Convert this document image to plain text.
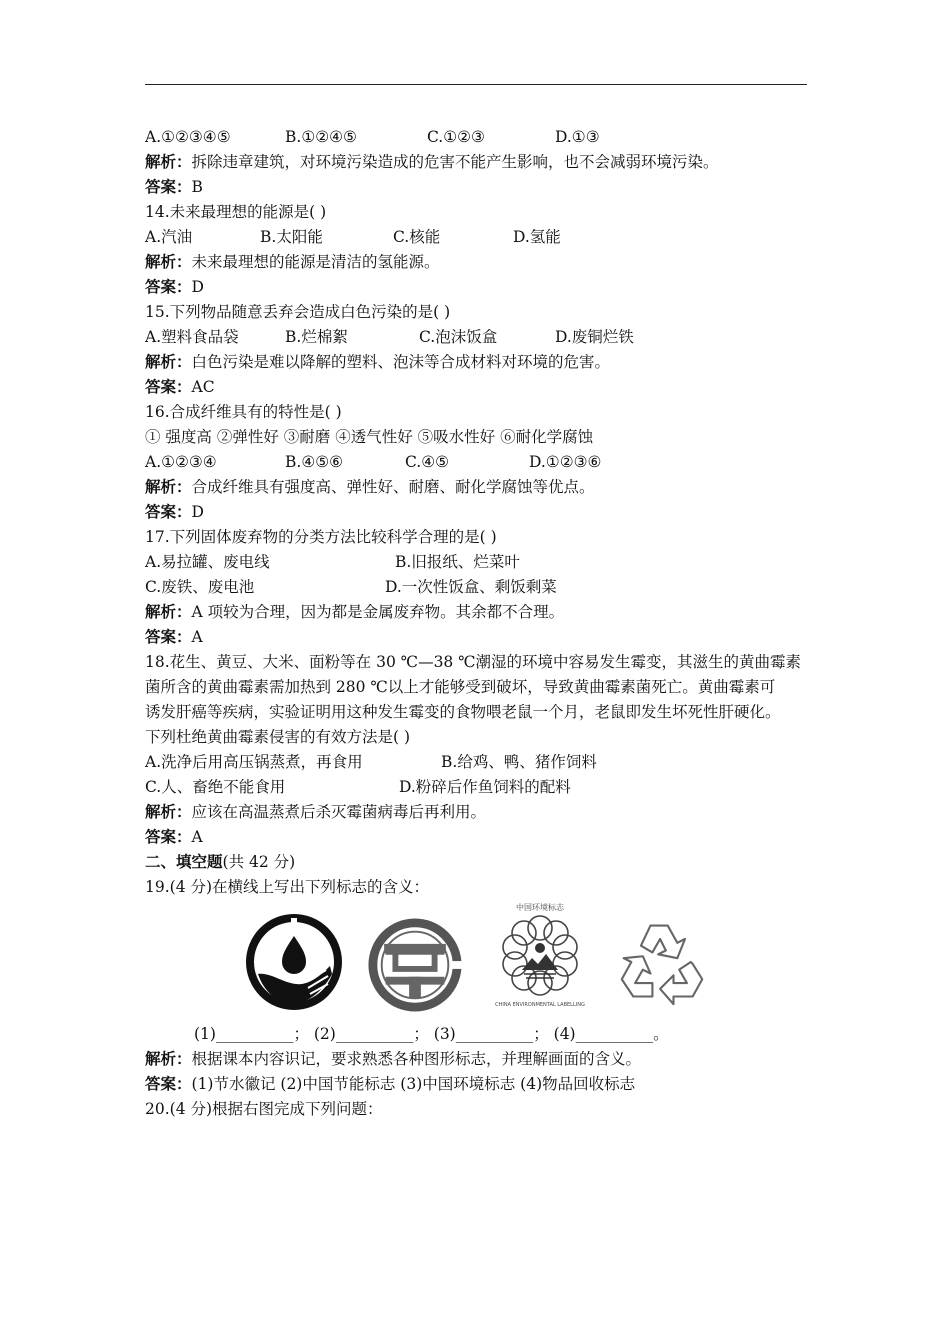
A.①②③④⑤	B.①②④⑤	C.①②③	D.①③
解析：拆除违章建筑，对环境污染造成的危害不能产生影响，也不会减弱环境污染。
答案：B
14.未来最理想的能源是( )
A.汽油	B.太阳能	C.核能	D.氢能
解析：未来最理想的能源是清洁的氢能源。
答案：D
15.下列物品随意丢弃会造成白色污染的是( )
A.塑料食品袋	B.烂棉絮	C.泡沫饭盒	D.废铜烂铁
解析：白色污染是难以降解的塑料、泡沫等合成材料对环境的危害。
答案：AC
16.合成纤维具有的特性是( )
① 强度高 ②弹性好 ③耐磨 ④透气性好 ⑤吸水性好 ⑥耐化学腐蚀
A.①②③④	B.④⑤⑥	C.④⑤	D.①②③⑥
解析：合成纤维具有强度高、弹性好、耐磨、耐化学腐蚀等优点。
答案：D
17.下列固体废弃物的分类方法比较科学合理的是( )
A.易拉罐、废电线	B.旧报纸、烂菜叶
C.废铁、废电池	D.一次性饭盒、剩饭剩菜
解析：A 项较为合理，因为都是金属废弃物。其余都不合理。
答案：A
18.花生、黄豆、大米、面粉等在 30 ℃—38 ℃潮湿的环境中容易发生霉变，其滋生的黄曲霉素
菌所含的黄曲霉素需加热到 280 ℃以上才能够受到破坏，导致黄曲霉素菌死亡。黄曲霉素可
诱发肝癌等疾病，实验证明用这种发生霉变的食物喂老鼠一个月，老鼠即发生坏死性肝硬化。
下列杜绝黄曲霉素侵害的有效方法是( )
A.洗净后用高压锅蒸煮，再食用	B.给鸡、鸭、猪作饲料
C.人、畜绝不能食用	D.粉碎后作鱼饲料的配料
解析：应该在高温蒸煮后杀灭霉菌病毒后再利用。
答案：A
二、填空题(共 42 分)
19.(4 分)在横线上写出下列标志的含义：
中国环境标志
CHINA ENVIRONMENTAL LABELLING
(1)__________； (2)__________； (3)__________； (4)__________。
解析：根据课本内容识记，要求熟悉各种图形标志，并理解画面的含义。
答案：(1)节水徽记 (2)中国节能标志 (3)中国环境标志 (4)物品回收标志
20.(4 分)根据右图完成下列问题：
